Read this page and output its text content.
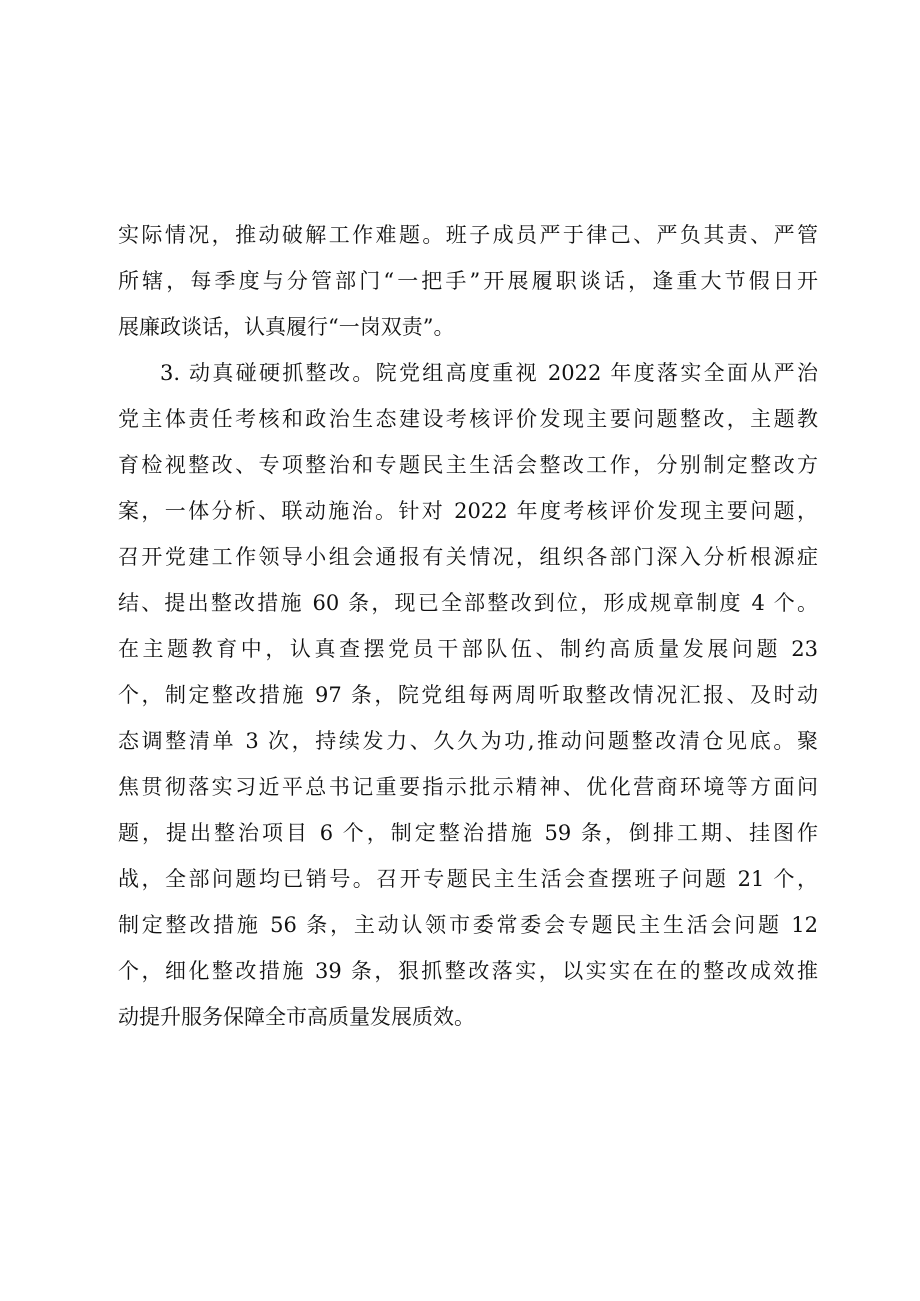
实际情况，推动破解工作难题。班子成员严于律己、严负其责、严管
所辖，每季度与分管部门“一把手”开展履职谈话，逢重大节假日开
展廉政谈话，认真履行“一岗双责”。
3. 动真碰硬抓整改。院党组高度重视 2022 年度落实全面从严治
党主体责任考核和政治生态建设考核评价发现主要问题整改，主题教
育检视整改、专项整治和专题民主生活会整改工作，分别制定整改方
案，一体分析、联动施治。针对 2022 年度考核评价发现主要问题，
召开党建工作领导小组会通报有关情况，组织各部门深入分析根源症
结、提出整改措施 60 条，现已全部整改到位，形成规章制度 4 个。
在主题教育中，认真查摆党员干部队伍、制约高质量发展问题 23
个，制定整改措施 97 条，院党组每两周听取整改情况汇报、及时动
态调整清单 3 次，持续发力、久久为功,推动问题整改清仓见底。聚
焦贯彻落实习近平总书记重要指示批示精神、优化营商环境等方面问
题，提出整治项目 6 个，制定整治措施 59 条，倒排工期、挂图作
战，全部问题均已销号。召开专题民主生活会查摆班子问题 21 个，
制定整改措施 56 条，主动认领市委常委会专题民主生活会问题 12
个，细化整改措施 39 条，狠抓整改落实，以实实在在的整改成效推
动提升服务保障全市高质量发展质效。
